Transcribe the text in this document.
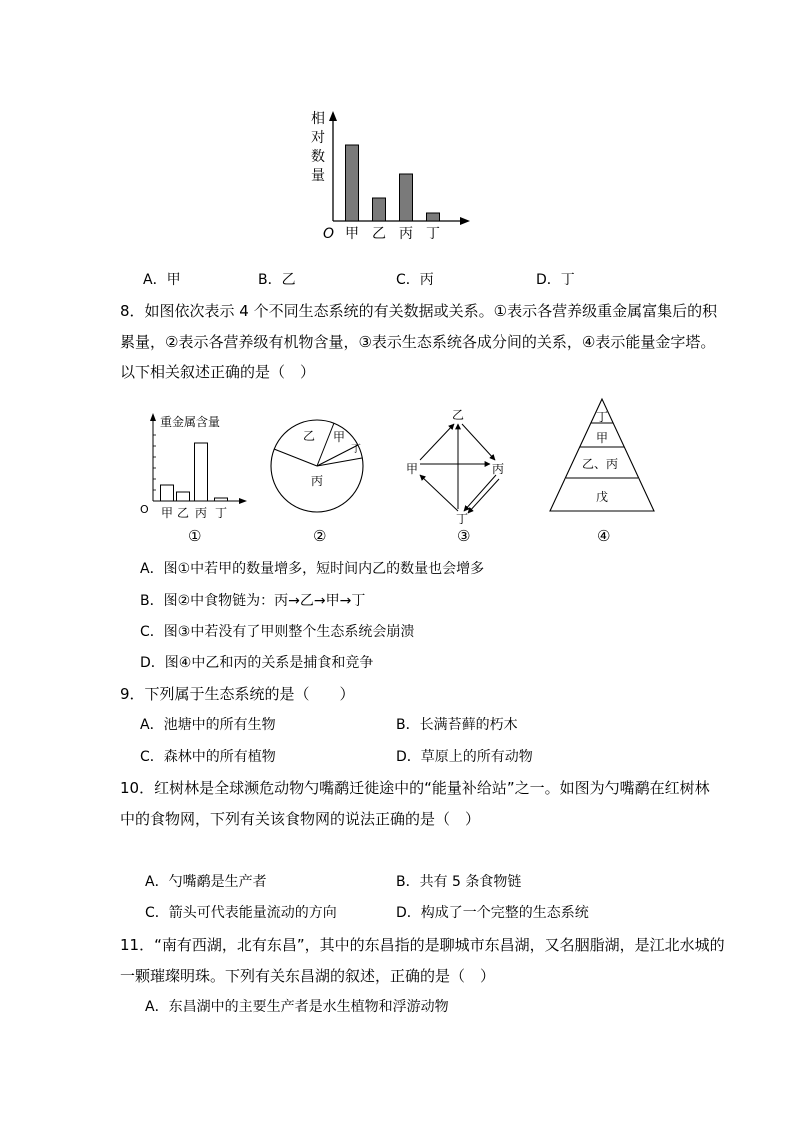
相
对
数
量
O 甲 乙 丙 丁
A．甲	B．乙	C．丙	D．丁
8．如图依次表示 4 个不同生态系统的有关数据或关系。①表示各营养级重金属富集后的积
累量，②表示各营养级有机物含量，③表示生态系统各成分间的关系，④表示能量金字塔。
以下相关叙述正确的是（　）
重金属含量
O 甲 乙 丙 丁
①
乙 甲
丁
丙
②
乙
甲	丙
丁
③
丁
甲
乙、丙
戊
④
A．图①中若甲的数量增多，短时间内乙的数量也会增多
B．图②中食物链为：丙→乙→甲→丁
C．图③中若没有了甲则整个生态系统会崩溃
D．图④中乙和丙的关系是捕食和竞争
9．下列属于生态系统的是（　　）
A．池塘中的所有生物	B．长满苔藓的朽木
C．森林中的所有植物	D．草原上的所有动物
10．红树林是全球濒危动物勺嘴鹬迁徙途中的“能量补给站”之一。如图为勺嘴鹬在红树林
中的食物网，下列有关该食物网的说法正确的是（　）
A．勺嘴鹬是生产者	B．共有 5 条食物链
C．箭头可代表能量流动的方向	D．构成了一个完整的生态系统
11．“南有西湖，北有东昌”，其中的东昌指的是聊城市东昌湖，又名胭脂湖，是江北水城的
一颗璀璨明珠。下列有关东昌湖的叙述，正确的是（　）
A．东昌湖中的主要生产者是水生植物和浮游动物
